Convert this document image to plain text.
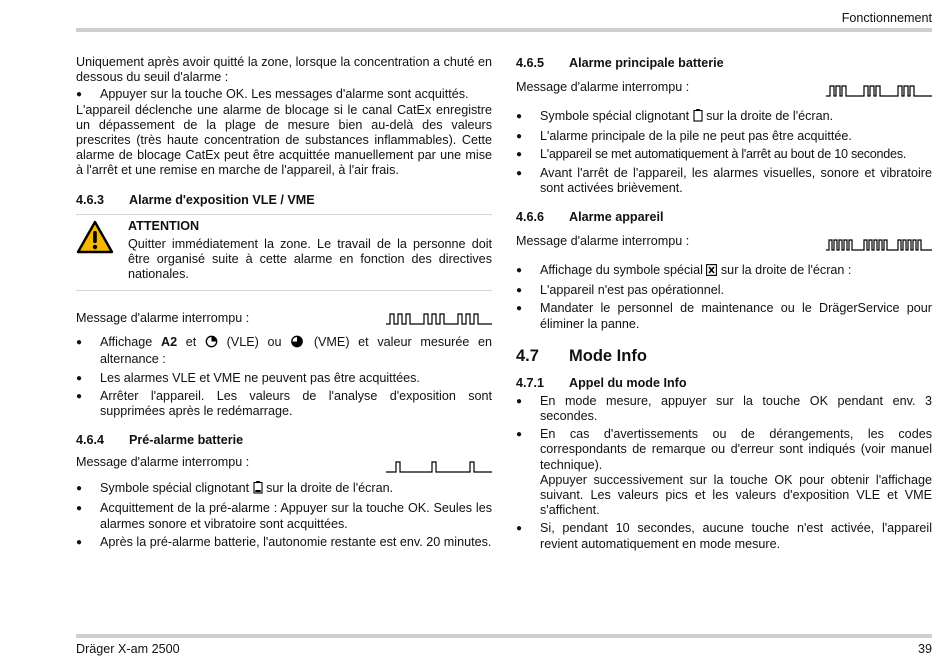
Fonctionnement

Uniquement après avoir quitté la zone, lorsque la concentration a chuté en dessous du seuil d'alarme :

● Appuyer sur la touche OK. Les messages d'alarme sont acquittés.

L'appareil déclenche une alarme de blocage si le canal CatEx enregistre un dépassement de la plage de mesure bien au-delà des valeurs prescrites (très haute concentration de substances inflammables). Cette alarme de blocage CatEx peut être acquittée manuellement par une mise à l'arrêt et une remise en marche de l'appareil, à l'air frais.

4.6.3 Alarme d'exposition VLE / VME
ATTENTION

Quitter immédiatement la zone. Le travail de la personne doit être organisé suite à cette alarme en fonction des directives nationales.

Message d'alarme interrompu :
● Affichage A2 et  (VLE) ou  (VME) et valeur mesurée en alternance :
● Les alarmes VLE et VME ne peuvent pas être acquittées.
● Arrêter l'appareil. Les valeurs de l'analyse d'exposition sont supprimées après le redémarrage.
4.6.4 Pré-alarme batterie
Message d'alarme interrompu :
● Symbole spécial clignotant  sur la droite de l'écran.
● Acquittement de la pré-alarme : Appuyer sur la touche OK. Seules les alarmes sonore et vibratoire sont acquittées.
● Après la pré-alarme batterie, l'autonomie restante est env. 20 minutes.
4.6.5 Alarme principale batterie
Message d'alarme interrompu :
● Symbole spécial clignotant  sur la droite de l'écran.
● L'alarme principale de la pile ne peut pas être acquittée.
● L'appareil se met automatiquement à l'arrêt au bout de 10 secondes.
● Avant l'arrêt de l'appareil, les alarmes visuelles, sonore et vibratoire sont activées brièvement.
4.6.6 Alarme appareil
Message d'alarme interrompu :
● Affichage du symbole spécial  sur la droite de l'écran :
● L'appareil n'est pas opérationnel.
● Mandater le personnel de maintenance ou le DrägerService pour éliminer la panne.
4.7 Mode Info
4.7.1 Appel du mode Info
● En mode mesure, appuyer sur la touche OK pendant env. 3 secondes.
● En cas d'avertissements ou de dérangements, les codes correspondants de remarque ou d'erreur sont indiqués (voir manuel technique).

Appuyer successivement sur la touche OK pour obtenir l'affichage suivant. Les valeurs pics et les valeurs d'exposition VLE et VME s'affichent.

● Si, pendant 10 secondes, aucune touche n'est activée, l'appareil revient automatiquement en mode mesure.
Dräger X-am 2500	39
